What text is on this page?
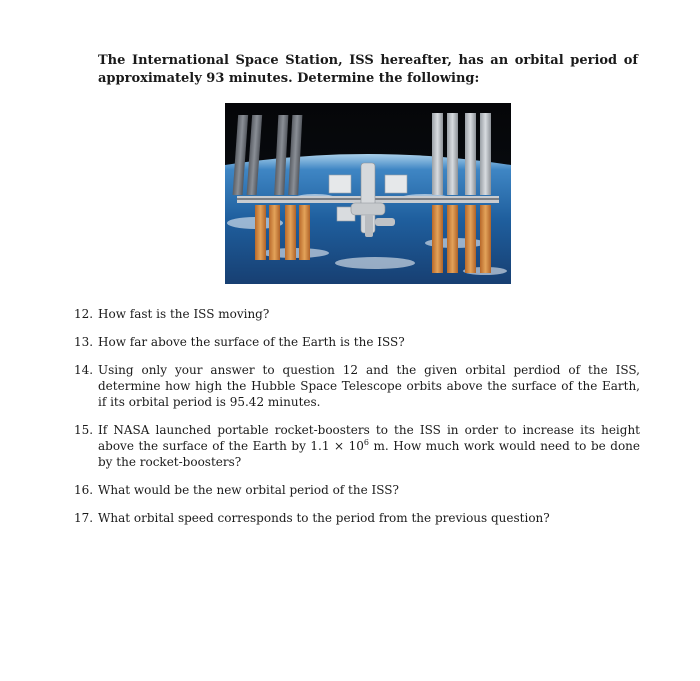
The International Space Station, ISS hereafter, has an orbital period of approximately 93 minutes. Determine the following:

12. How fast is the ISS moving?
13. How far above the surface of the Earth is the ISS?
14. Using only your answer to question 12 and the given orbital perdiod of the ISS, determine how high the Hubble Space Telescope orbits above the surface of the Earth, if its orbital period is 95.42 minutes.
15. If NASA launched portable rocket-boosters to the ISS in order to increase its height above the surface of the Earth by $1.1 \times 10^6$ m. How much work would need to be done by the rocket-boosters?
16. What would be the new orbital period of the ISS?
17. What orbital speed corresponds to the period from the previous question?
